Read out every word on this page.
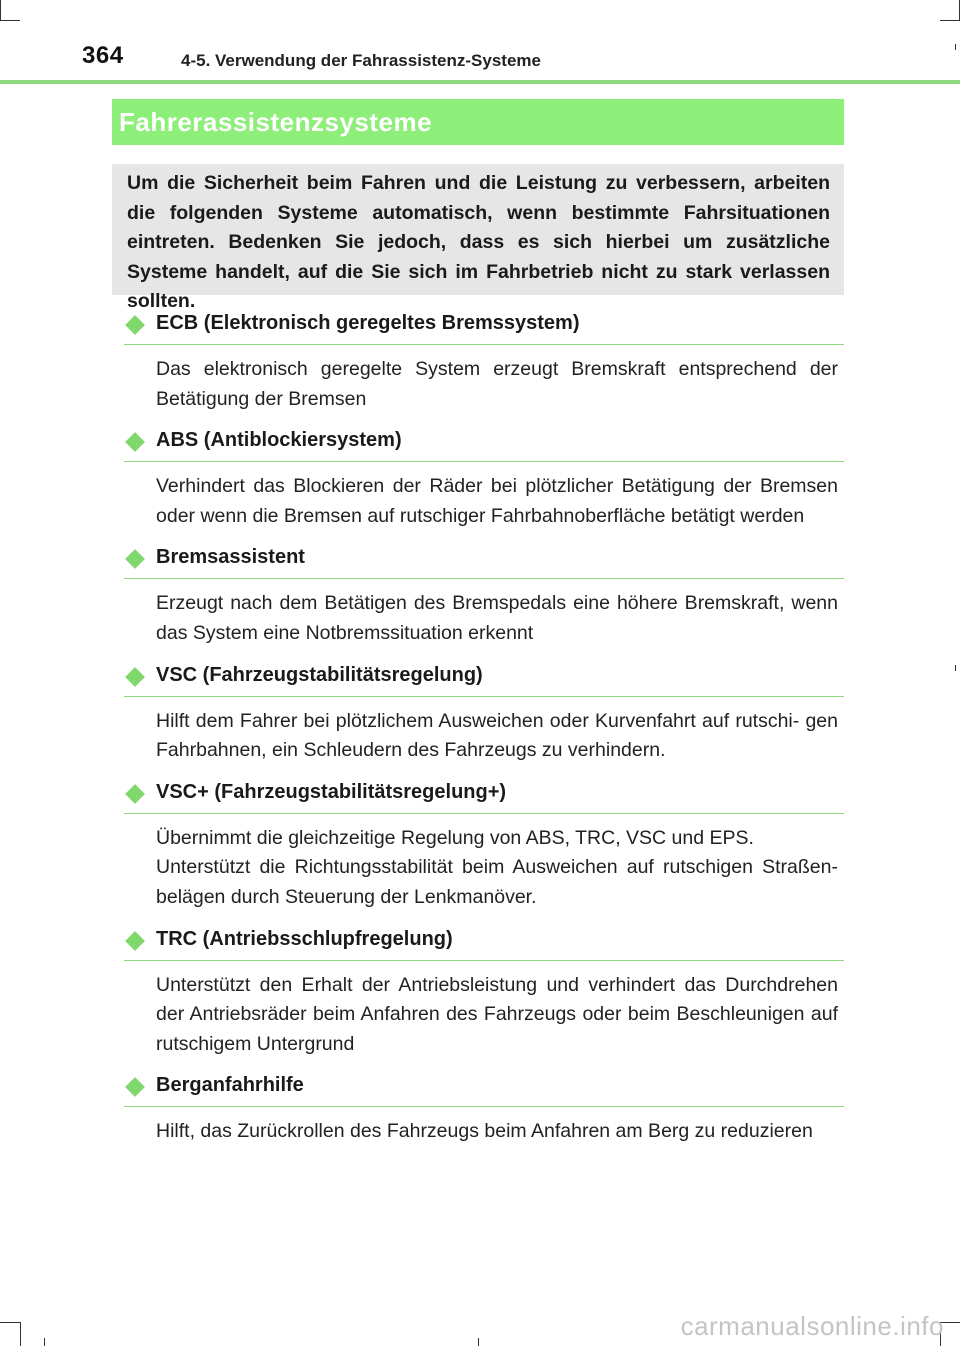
364	4-5. Verwendung der Fahrassistenz-Systeme
Fahrerassistenzsysteme

Um die Sicherheit beim Fahren und die Leistung zu verbessern, arbeiten die folgenden Systeme automatisch, wenn bestimmte Fahrsituationen eintreten. Bedenken Sie jedoch, dass es sich hierbei um zusätzliche Systeme handelt, auf die Sie sich im Fahrbetrieb nicht zu stark verlassen sollten.

ECB (Elektronisch geregeltes Bremssystem)

Das elektronisch geregelte System erzeugt Bremskraft entsprechend der Betätigung der Bremsen

ABS (Antiblockiersystem)

Verhindert das Blockieren der Räder bei plötzlicher Betätigung der Bremsen oder wenn die Bremsen auf rutschiger Fahrbahnoberfläche betätigt werden

Bremsassistent

Erzeugt nach dem Betätigen des Bremspedals eine höhere Bremskraft, wenn das System eine Notbremssituation erkennt

VSC (Fahrzeugstabilitätsregelung)

Hilft dem Fahrer bei plötzlichem Ausweichen oder Kurvenfahrt auf rutschi- gen Fahrbahnen, ein Schleudern des Fahrzeugs zu verhindern.

VSC+ (Fahrzeugstabilitätsregelung+)

Übernimmt die gleichzeitige Regelung von ABS, TRC, VSC und EPS.

Unterstützt die Richtungsstabilität beim Ausweichen auf rutschigen Straßen- belägen durch Steuerung der Lenkmanöver.

TRC (Antriebsschlupfregelung)

Unterstützt den Erhalt der Antriebsleistung und verhindert das Durchdrehen der Antriebsräder beim Anfahren des Fahrzeugs oder beim Beschleunigen auf rutschigem Untergrund

Berganfahrhilfe

Hilft, das Zurückrollen des Fahrzeugs beim Anfahren am Berg zu reduzieren

carmanualsonline.info
